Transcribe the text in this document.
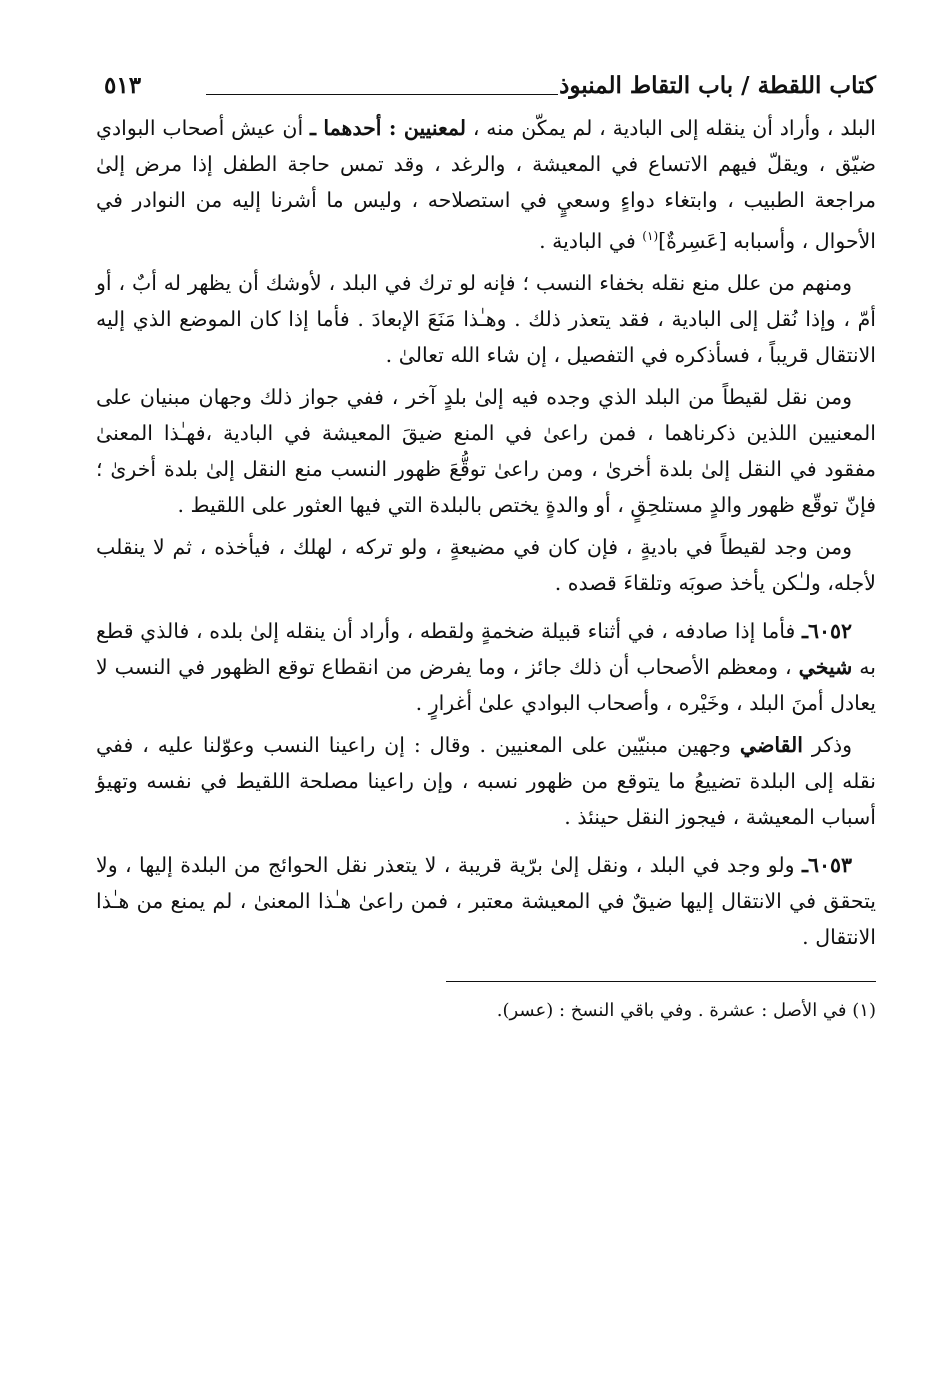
كتاب اللقطة / باب التقاط المنبوذ
٥١٣

البلد ، وأراد أن ينقله إلى البادية ، لم يمكّن منه ، لمعنيين : أحدهما ـ أن عيش أصحاب البوادي ضيّق ، ويقلّ فيهم الاتساع في المعيشة ، والرغد ، وقد تمس حاجة الطفل إذا مرض إلىٰ مراجعة الطبيب ، وابتغاء دواءٍ وسعيٍ في استصلاحه ، وليس ما أشرنا إليه من النوادر في الأحوال ، وأسبابه [عَسِرةٌ]$^{(١)}$ في البادية .

ومنهم من علل منع نقله بخفاء النسب ؛ فإنه لو ترك في البلد ، لأوشك أن يظهر له أبٌ ، أو أمّ ، وإذا نُقل إلى البادية ، فقد يتعذر ذلك . وهـٰذا مَنَعَ الإبعادَ . فأما إذا كان الموضع الذي إليه الانتقال قريباً ، فسأذكره في التفصيل ، إن شاء الله تعالىٰ .

ومن نقل لقيطاً من البلد الذي وجده فيه إلىٰ بلدٍ آخر ، ففي جواز ذلك وجهان مبنيان على المعنيين اللذين ذكرناهما ، فمن راعىٰ في المنع ضيقَ المعيشة في البادية ،فهـٰذا المعنىٰ مفقود في النقل إلىٰ بلدة أخرىٰ ، ومن راعىٰ توقُّعَ ظهور النسب منع النقل إلىٰ بلدة أخرىٰ ؛ فإنّ توقّع ظهور والدٍ مستلحِقٍ ، أو والدةٍ يختص بالبلدة التي فيها العثور على اللقيط .

ومن وجد لقيطاً في باديةٍ ، فإن كان في مضيعةٍ ، ولو تركه ، لهلك ، فيأخذه ، ثم لا ينقلب لأجله، ولـٰكن يأخذ صوبَه وتلقاءَ قصده .

٦٠٥٢ـ فأما إذا صادفه ، في أثناء قبيلة ضخمةٍ ولقطه ، وأراد أن ينقله إلىٰ بلده ، فالذي قطع به شيخي ، ومعظم الأصحاب أن ذلك جائز ، وما يفرض من انقطاع توقع الظهور في النسب لا يعادل أمنَ البلد ، وخَيْره ، وأصحاب البوادي علىٰ أغرارٍ .

وذكر القاضي وجهين مبنيّين على المعنيين . وقال : إن راعينا النسب وعوّلنا عليه ، ففي نقله إلى البلدة تضييعُ ما يتوقع من ظهور نسبه ، وإن راعينا مصلحة اللقيط في نفسه وتهيؤ أسباب المعيشة ، فيجوز النقل حينئذ .

٦٠٥٣ـ ولو وجد في البلد ، ونقل إلىٰ برّية قريبة ، لا يتعذر نقل الحوائج من البلدة إليها ، ولا يتحقق في الانتقال إليها ضيقٌ في المعيشة معتبر ، فمن راعىٰ هـٰذا المعنىٰ ، لم يمنع من هـٰذا الانتقال .

(١) في الأصل : عشرة . وفي باقي النسخ : (عسر).
